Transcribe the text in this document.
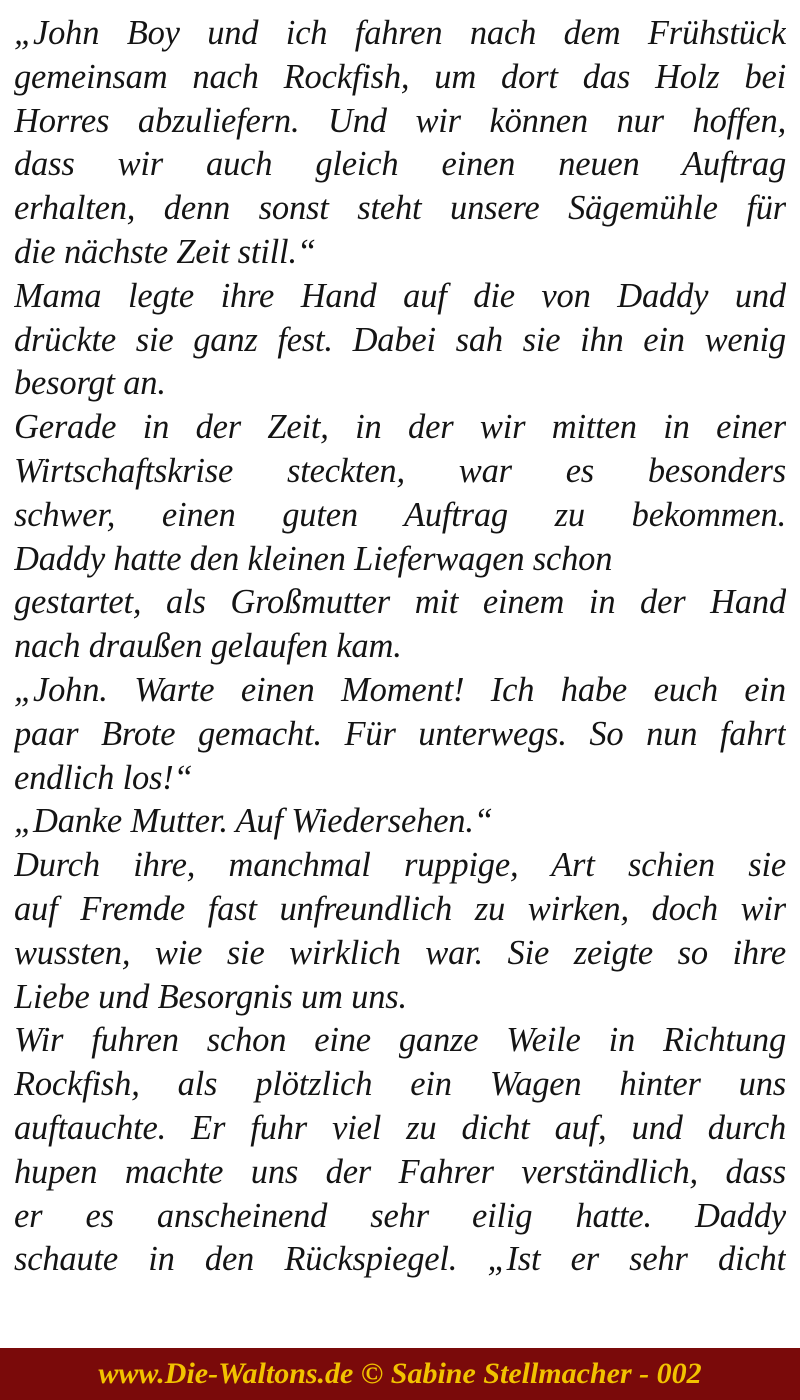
„John Boy und ich fahren nach dem Frühstück
gemeinsam nach Rockfish, um dort das Holz bei
Horres abzuliefern. Und wir können nur hoffen,
dass wir auch gleich einen neuen Auftrag
erhalten, denn sonst steht unsere Sägemühle für
die nächste Zeit still.“
Mama legte ihre Hand auf die von Daddy und
drückte sie ganz fest. Dabei sah sie ihn ein wenig
besorgt an.
Gerade in der Zeit, in der wir mitten in einer
Wirtschaftskrise steckten, war es besonders
schwer, einen guten Auftrag zu bekommen.
Daddy hatte den kleinen Lieferwagen schon
gestartet, als Großmutter mit einem in der Hand
nach draußen gelaufen kam.
„John. Warte einen Moment! Ich habe euch ein
paar Brote gemacht. Für unterwegs. So nun fahrt
endlich los!“
„Danke Mutter. Auf Wiedersehen.“
Durch ihre, manchmal ruppige, Art schien sie
auf Fremde fast unfreundlich zu wirken, doch wir
wussten, wie sie wirklich war. Sie zeigte so ihre
Liebe und Besorgnis um uns.
Wir fuhren schon eine ganze Weile in Richtung
Rockfish, als plötzlich ein Wagen hinter uns
auftauchte. Er fuhr viel zu dicht auf, und durch
hupen machte uns der Fahrer verständlich, dass
er es anscheinend sehr eilig hatte. Daddy
schaute in den Rückspiegel. „Ist er sehr dicht
www.Die-Waltons.de © Sabine Stellmacher - 002
